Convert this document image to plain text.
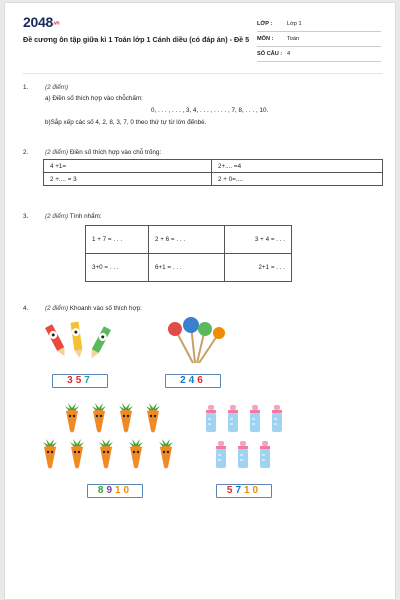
2048.vn
Đề cương ôn tập giữa kì 1 Toán lớp 1 Cánh diều (có đáp án) - Đề 5
LỚP :	Lớp 1
MÔN :	Toán
SỐ CÂU : 4
1.	(2 điểm)
a) Điền số thích hợp vào chỗchấm:
0, . . . , . . . , 3, 4, . . . , . . . . , 7, 8, . . . , 10.
b)Sắp xếp các số 4, 2, 8, 3, 7, 0 theo thứ tự từ lớn đếnbé.
2.	(2 điểm) Điền số thích hợp vào chỗ trống:
4 +1=	2+.... =4
2 +.... = 3	2 + 0=....
3.	(2 điểm) Tính nhẩm:
1 + 7 = . . .	2 + 6 = . . .	3 + 4 = . . .
3+0 = . . .	6+1 = . . .	2+1 = . . .
4.	(2 điểm) Khoanh vào số thích hợp:
357	246
8910	5710
